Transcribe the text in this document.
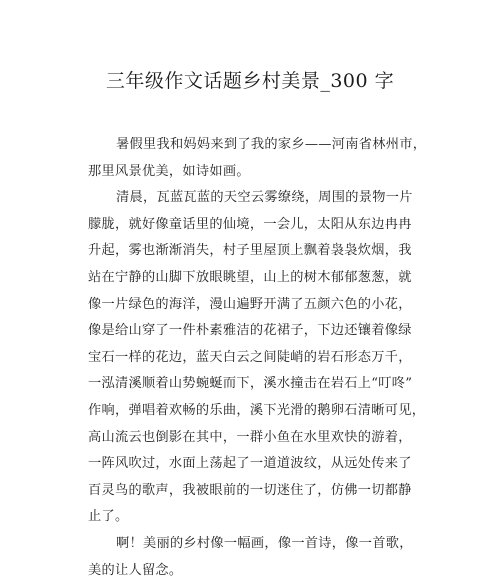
三年级作文话题乡村美景_300 字
暑假里我和妈妈来到了我的家乡——河南省林州市，
那里风景优美，如诗如画。
清晨，瓦蓝瓦蓝的天空云雾缭绕，周围的景物一片
朦胧，就好像童话里的仙境，一会儿，太阳从东边冉冉
升起，雾也渐渐消失，村子里屋顶上飘着袅袅炊烟，我
站在宁静的山脚下放眼眺望，山上的树木郁郁葱葱，就
像一片绿色的海洋，漫山遍野开满了五颜六色的小花，
像是给山穿了一件朴素雅洁的花裙子，下边还镶着像绿
宝石一样的花边，蓝天白云之间陡峭的岩石形态万千，
一泓清溪顺着山势蜿蜒而下，溪水撞击在岩石上“叮咚”
作响，弹唱着欢畅的乐曲，溪下光滑的鹅卵石清晰可见，
高山流云也倒影在其中，一群小鱼在水里欢快的游着，
一阵风吹过，水面上荡起了一道道波纹，从远处传来了
百灵鸟的歌声，我被眼前的一切迷住了，仿佛一切都静
止了。
啊！美丽的乡村像一幅画，像一首诗，像一首歌，
美的让人留念。
